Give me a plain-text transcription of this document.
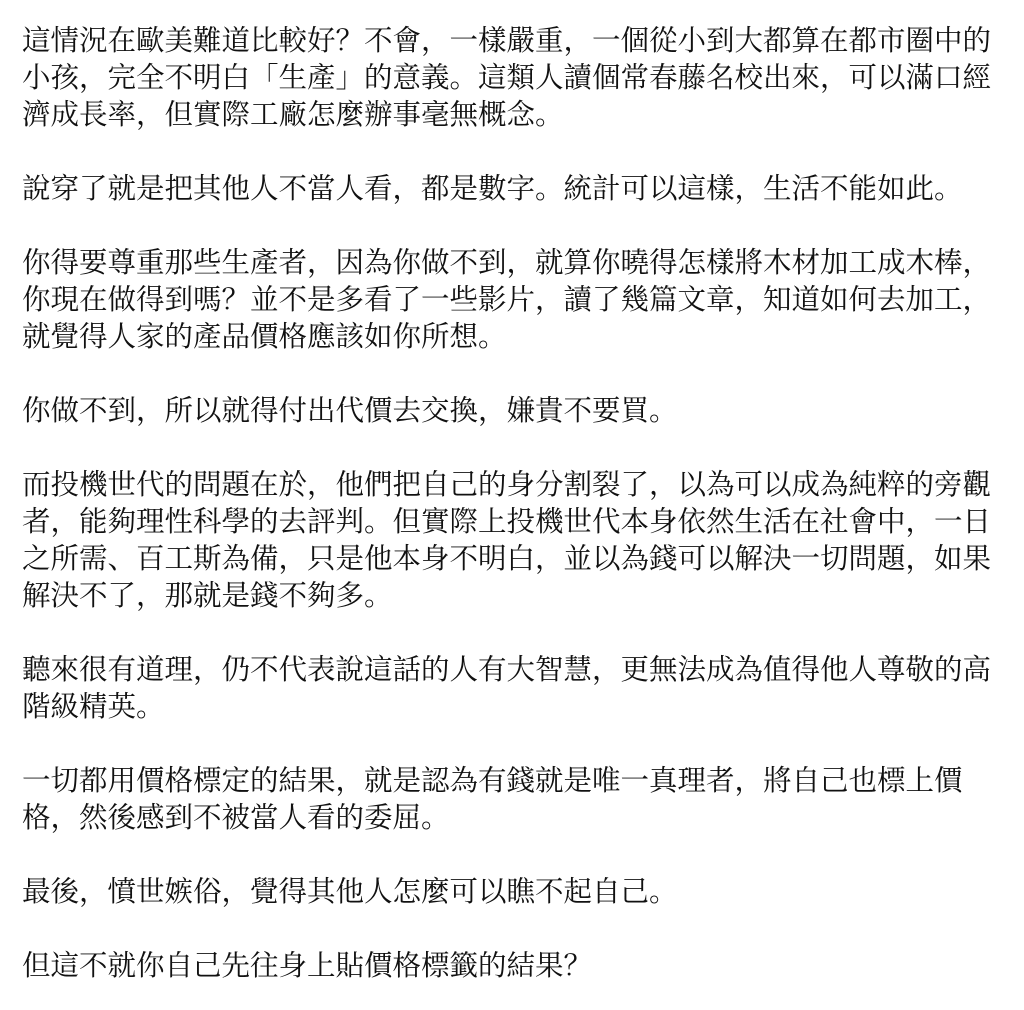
這情況在歐美難道比較好？不會，一樣嚴重，一個從小到大都算在都市圈中的小孩，完全不明白「生產」的意義。這類人讀個常春藤名校出來，可以滿口經濟成長率，但實際工廠怎麼辦事毫無概念。

說穿了就是把其他人不當人看，都是數字。統計可以這樣，生活不能如此。

你得要尊重那些生產者，因為你做不到，就算你曉得怎樣將木材加工成木棒，你現在做得到嗎？並不是多看了一些影片，讀了幾篇文章，知道如何去加工，就覺得人家的產品價格應該如你所想。

你做不到，所以就得付出代價去交換，嫌貴不要買。

而投機世代的問題在於，他們把自己的身分割裂了，以為可以成為純粹的旁觀者，能夠理性科學的去評判。但實際上投機世代本身依然生活在社會中，一日之所需、百工斯為備，只是他本身不明白，並以為錢可以解決一切問題，如果解決不了，那就是錢不夠多。

聽來很有道理，仍不代表說這話的人有大智慧，更無法成為值得他人尊敬的高階級精英。

一切都用價格標定的結果，就是認為有錢就是唯一真理者，將自己也標上價格，然後感到不被當人看的委屈。

最後，憤世嫉俗，覺得其他人怎麼可以瞧不起自己。

但這不就你自己先往身上貼價格標籤的結果？
